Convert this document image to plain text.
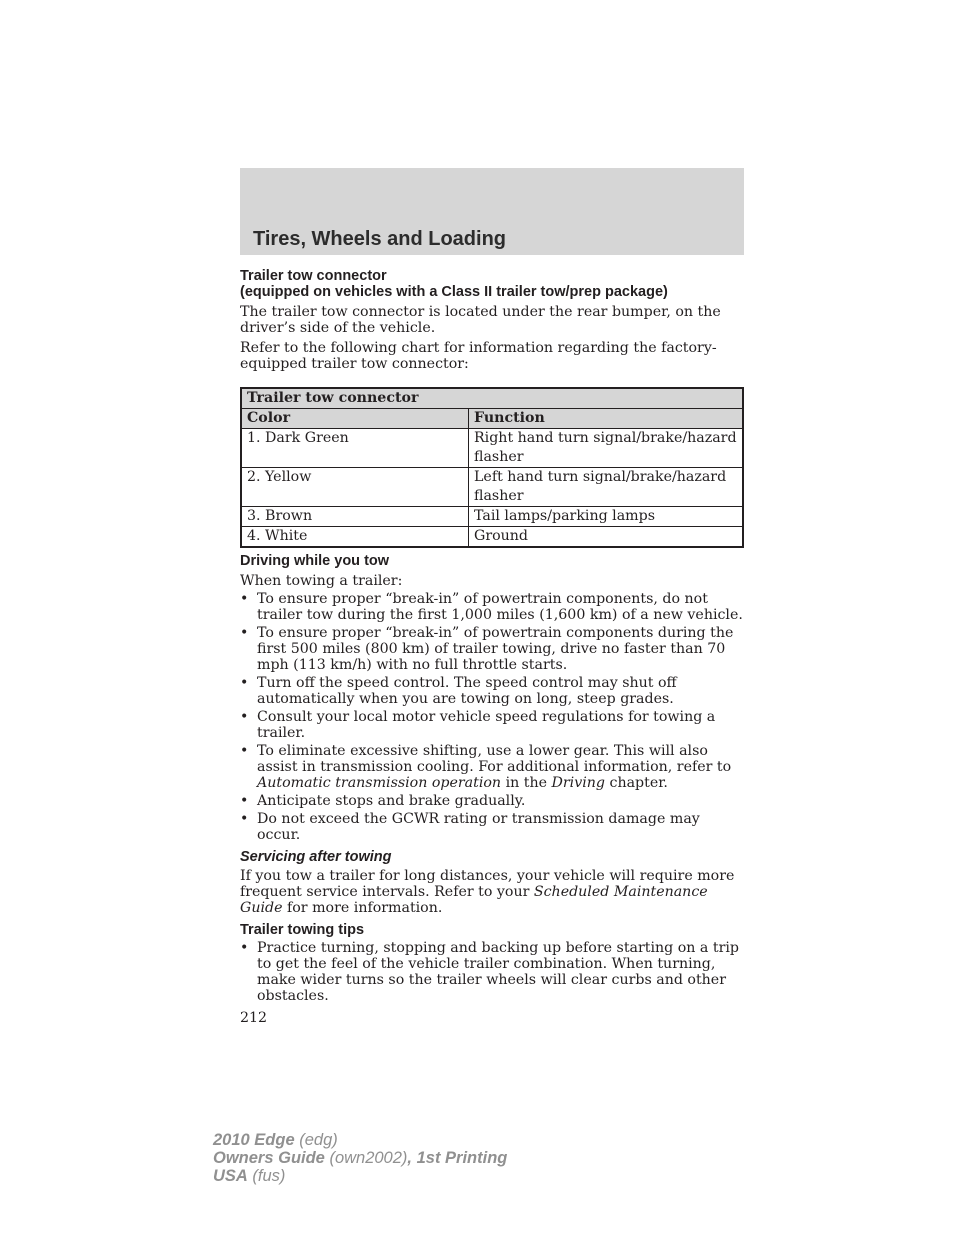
Tires, Wheels and Loading

Trailer tow connector

(equipped on vehicles with a Class II trailer tow/prep package)

The trailer tow connector is located under the rear bumper, on the driver’s side of the vehicle.

Refer to the following chart for information regarding the factory-equipped trailer tow connector:

Trailer tow connector	
Color	Function
1. Dark Green	Right hand turn signal/brake/hazard flasher
2. Yellow	Left hand turn signal/brake/hazard flasher
3. Brown	Tail lamps/parking lamps
4. White	Ground

Driving while you tow

When towing a trailer:

• To ensure proper “break-in” of powertrain components, do not trailer tow during the first 1,000 miles (1,600 km) of a new vehicle.
• To ensure proper “break-in” of powertrain components during the first 500 miles (800 km) of trailer towing, drive no faster than 70 mph (113 km/h) with no full throttle starts.
• Turn off the speed control. The speed control may shut off automatically when you are towing on long, steep grades.
• Consult your local motor vehicle speed regulations for towing a trailer.
• To eliminate excessive shifting, use a lower gear. This will also assist in transmission cooling. For additional information, refer to Automatic transmission operation in the Driving chapter.
• Anticipate stops and brake gradually.
• Do not exceed the GCWR rating or transmission damage may occur.

Servicing after towing

If you tow a trailer for long distances, your vehicle will require more frequent service intervals. Refer to your Scheduled Maintenance Guide for more information.

Trailer towing tips

• Practice turning, stopping and backing up before starting on a trip to get the feel of the vehicle trailer combination. When turning, make wider turns so the trailer wheels will clear curbs and other obstacles.

212

2010 Edge (edg)
Owners Guide (own2002), 1st Printing
USA (fus)
